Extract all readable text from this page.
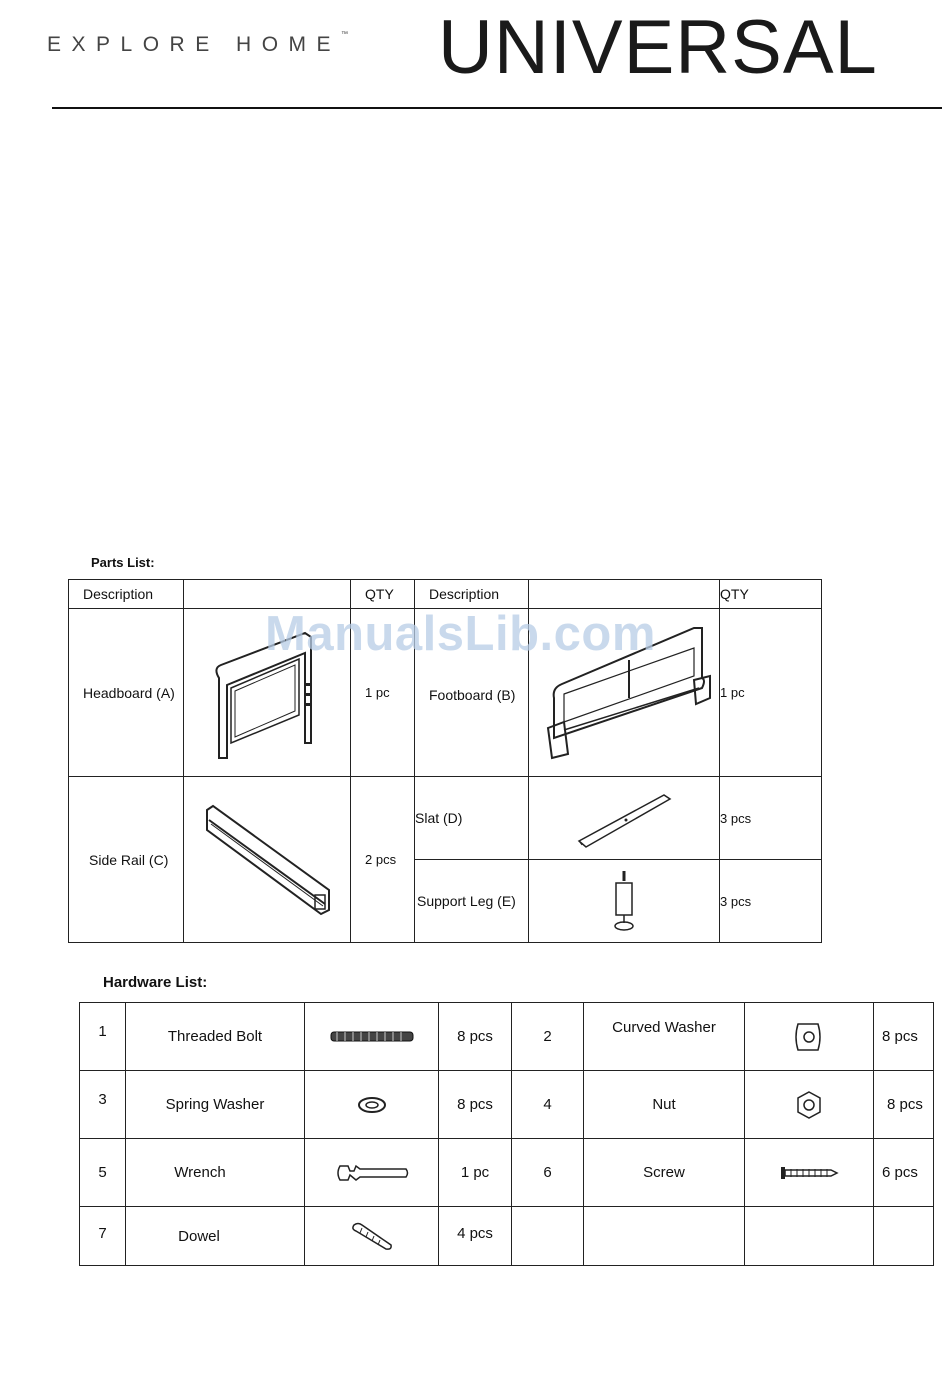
EXPLORE HOME™ UNIVERSAL
Parts List:
Description		QTY	Description		QTY
Headboard (A)		1 pc	Footboard (B)		1 pc
Side Rail (C)		2 pcs	Slat (D)		3 pcs
			Support Leg (E)		3 pcs
ManualsLib.com
Hardware List:
1	Threaded Bolt		8 pcs	2	Curved Washer		8 pcs
3	Spring Washer		8 pcs	4	Nut		8 pcs
5	Wrench		1 pc	6	Screw		6 pcs
7	Dowel		4 pcs				
